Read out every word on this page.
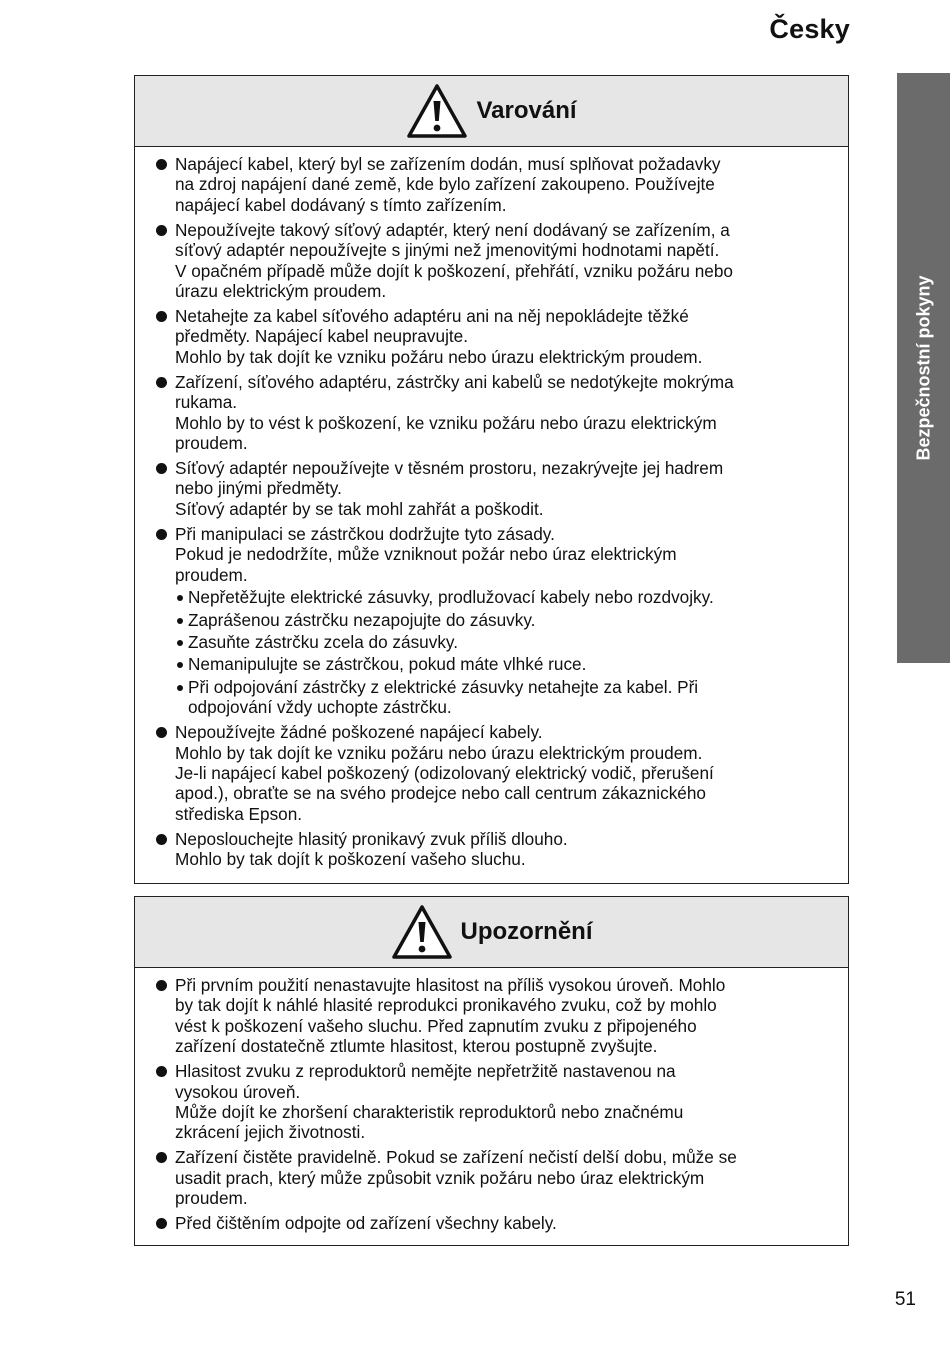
Česky
Bezpečnostní pokyny
Varování
Napájecí kabel, který byl se zařízením dodán, musí splňovat požadavky
na zdroj napájení dané země, kde bylo zařízení zakoupeno. Používejte
napájecí kabel dodávaný s tímto zařízením.
Nepoužívejte takový síťový adaptér, který není dodávaný se zařízením, a
síťový adaptér nepoužívejte s jinými než jmenovitými hodnotami napětí.
V opačném případě může dojít k poškození, přehřátí, vzniku požáru nebo
úrazu elektrickým proudem.
Netahejte za kabel síťového adaptéru ani na něj nepokládejte těžké
předměty. Napájecí kabel neupravujte.
Mohlo by tak dojít ke vzniku požáru nebo úrazu elektrickým proudem.
Zařízení, síťového adaptéru, zástrčky ani kabelů se nedotýkejte mokrýma
rukama.
Mohlo by to vést k poškození, ke vzniku požáru nebo úrazu elektrickým
proudem.
Síťový adaptér nepoužívejte v těsném prostoru, nezakrývejte jej hadrem
nebo jinými předměty.
Síťový adaptér by se tak mohl zahřát a poškodit.
Při manipulaci se zástrčkou dodržujte tyto zásady.
Pokud je nedodržíte, může vzniknout požár nebo úraz elektrickým
proudem.
Nepřetěžujte elektrické zásuvky, prodlužovací kabely nebo rozdvojky.
Zaprášenou zástrčku nezapojujte do zásuvky.
Zasuňte zástrčku zcela do zásuvky.
Nemanipulujte se zástrčkou, pokud máte vlhké ruce.
Při odpojování zástrčky z elektrické zásuvky netahejte za kabel. Při
odpojování vždy uchopte zástrčku.
Nepoužívejte žádné poškozené napájecí kabely.
Mohlo by tak dojít ke vzniku požáru nebo úrazu elektrickým proudem.
Je-li napájecí kabel poškozený (odizolovaný elektrický vodič, přerušení
apod.), obraťte se na svého prodejce nebo call centrum zákaznického
střediska Epson.
Neposlouchejte hlasitý pronikavý zvuk příliš dlouho.
Mohlo by tak dojít k poškození vašeho sluchu.
Upozornění
Při prvním použití nenastavujte hlasitost na příliš vysokou úroveň. Mohlo
by tak dojít k náhlé hlasité reprodukci pronikavého zvuku, což by mohlo
vést k poškození vašeho sluchu. Před zapnutím zvuku z připojeného
zařízení dostatečně ztlumte hlasitost, kterou postupně zvyšujte.
Hlasitost zvuku z reproduktorů nemějte nepřetržitě nastavenou na
vysokou úroveň.
Může dojít ke zhoršení charakteristik reproduktorů nebo značnému
zkrácení jejich životnosti.
Zařízení čistěte pravidelně. Pokud se zařízení nečistí delší dobu, může se
usadit prach, který může způsobit vznik požáru nebo úraz elektrickým
proudem.
Před čištěním odpojte od zařízení všechny kabely.
51
